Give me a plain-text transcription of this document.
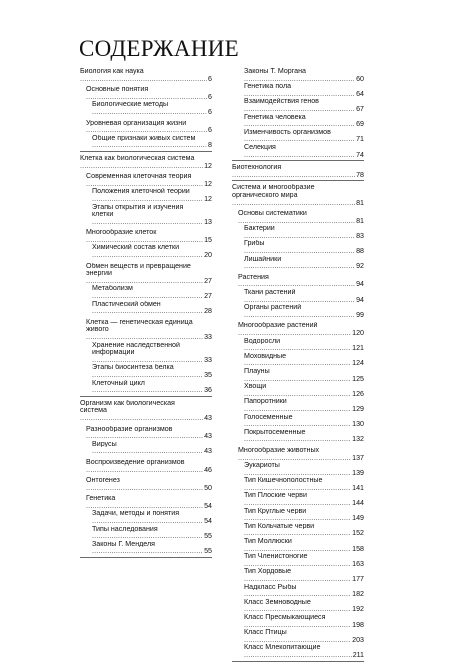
СОДЕРЖАНИЕ
Биология как наука .....
6
Основные понятия .....
6
Биологические методы .....
6
Уровневая организация жизни .....
6
Общие признаки живых систем .....
8
Клетка как биологическая система .....
12
Современная клеточная теория .....
12
Положения клеточной теории .....
12
Этапы открытия и изучения клетки .....
13
Многообразие клеток .....
15
Химический состав клетки .....
20
Обмен веществ и превращение энергии .....
27
Метаболизм .....
27
Пластический обмен .....
28
Клетка — генетическая единица живого .....
33
Хранение наследственной информации .....
33
Этапы биосинтеза белка .....
35
Клеточный цикл .....
36
Организм как биологическая система .....
43
Разнообразие организмов .....
43
Вирусы .....
43
Воспроизведение организмов .....
46
Онтогенез .....
50
Генетика .....
54
Задачи, методы и понятия .....
54
Типы наследования .....
55
Законы Г. Менделя .....
55
Законы Т. Моргана .....
60
Генетика пола .....
64
Взаимодействия генов .....
67
Генетика человека .....
69
Изменчивость организмов .....
71
Селекция .....
74
Биотехнология .....
78
Система и многообразие органического мира .....
81
Основы систематики .....
81
Бактерии .....
83
Грибы .....
88
Лишайники .....
92
Растения .....
94
Ткани растений .....
94
Органы растений .....
99
Многообразие растений .....
120
Водоросли .....
121
Моховидные .....
124
Плауны .....
125
Хвощи .....
126
Папоротники .....
129
Голосеменные .....
130
Покрытосеменные .....
132
Многообразие животных .....
137
Эукариоты .....
139
Тип Кишечнополостные .....
141
Тип Плоские черви .....
144
Тип Круглые черви .....
149
Тип Кольчатые черви .....
152
Тип Моллюски .....
158
Тип Членистоногие .....
163
Тип Хордовые .....
177
Надкласс Рыбы .....
182
Класс Земноводные .....
192
Класс Пресмыкающиеся .....
198
Класс Птицы .....
203
Класс Млекопитающие .....
211
